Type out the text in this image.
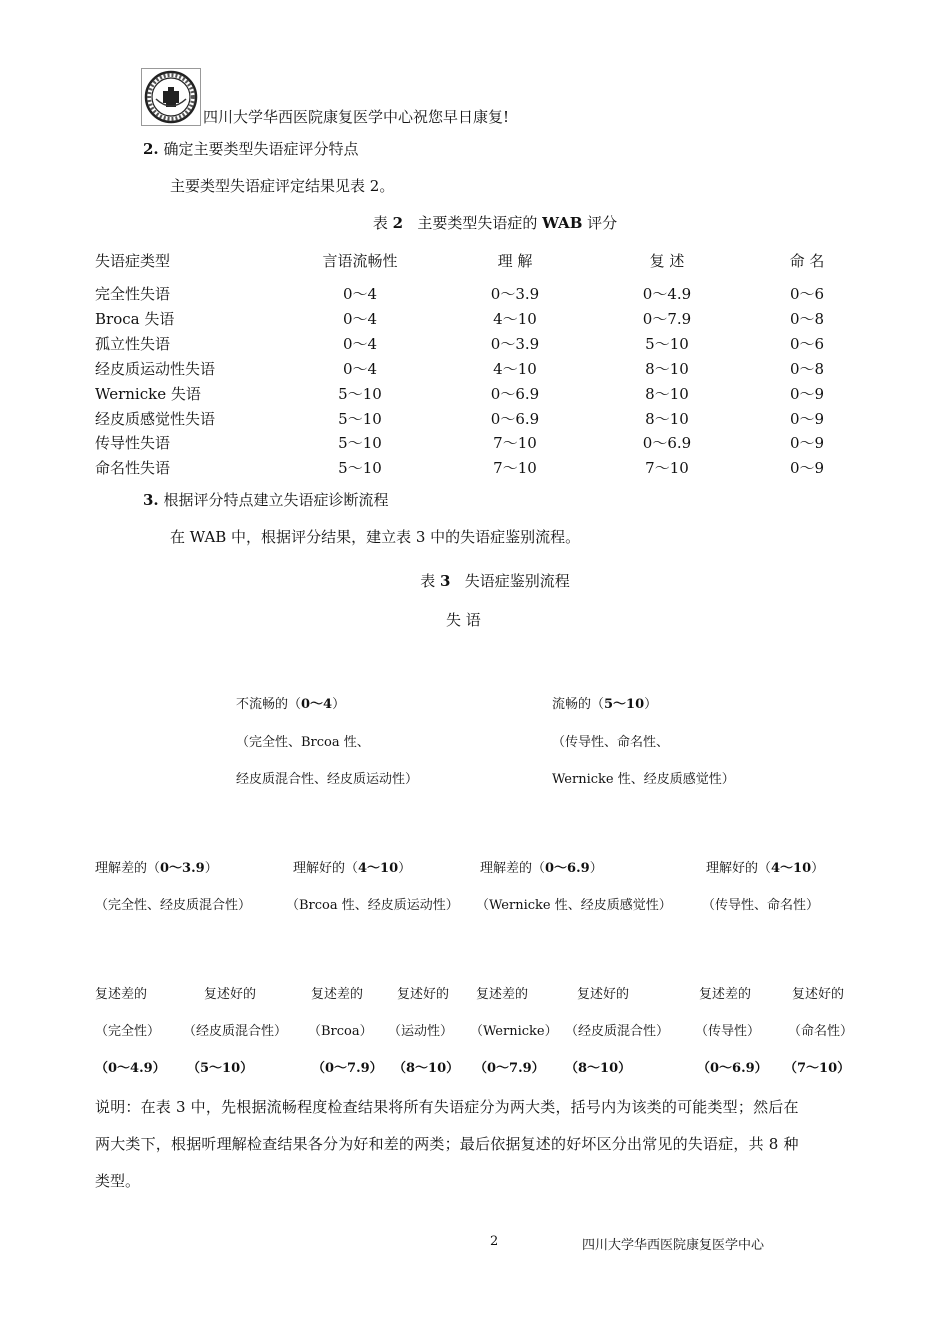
四川大学华西医院康复医学中心祝您早日康复!
2. 确定主要类型失语症评分特点
主要类型失语症评定结果见表 2。
表 2 主要类型失语症的 WAB 评分
失语症类型	言语流畅性	理 解	复 述	命 名
完全性失语	0～4	0～3.9	0～4.9	0～6
Broca 失语	0～4	4～10	0～7.9	0～8
孤立性失语	0～4	0～3.9	5～10	0～6
经皮质运动性失语	0～4	4～10	8～10	0～8
Wernicke 失语	5～10	0～6.9	8～10	0～9
经皮质感觉性失语	5～10	0～6.9	8～10	0～9
传导性失语	5～10	7～10	0～6.9	0～9
命名性失语	5～10	7～10	7～10	0～9
3. 根据评分特点建立失语症诊断流程
在 WAB 中，根据评分结果，建立表 3 中的失语症鉴别流程。
表 3 失语症鉴别流程
失 语
不流畅的（0～4）
（完全性、Brcoa 性、
经皮质混合性、经皮质运动性）
流畅的（5～10）
（传导性、命名性、
Wernicke 性、经皮质感觉性）
理解差的（0～3.9）
（完全性、经皮质混合性）
理解好的（4～10）
（Brcoa 性、经皮质运动性）
理解差的（0～6.9）
（Wernicke 性、经皮质感觉性）
理解好的（4～10）
（传导性、命名性）
复述差的	复述好的	复述差的	复述好的 复述差的	复述好的	复述差的	复述好的
（完全性） （经皮质混合性） （Brcoa） （运动性） （Wernicke） （经皮质混合性） （传导性） （命名性）
（0～4.9） （5～10）	（0～7.9） （8～10） （0～7.9） （8～10）	（0～6.9） （7～10）
说明：在表 3 中，先根据流畅程度检查结果将所有失语症分为两大类，括号内为该类的可能类型；然后在
两大类下，根据听理解检查结果各分为好和差的两类；最后依据复述的好坏区分出常见的失语症，共 8 种
类型。
2	四川大学华西医院康复医学中心
